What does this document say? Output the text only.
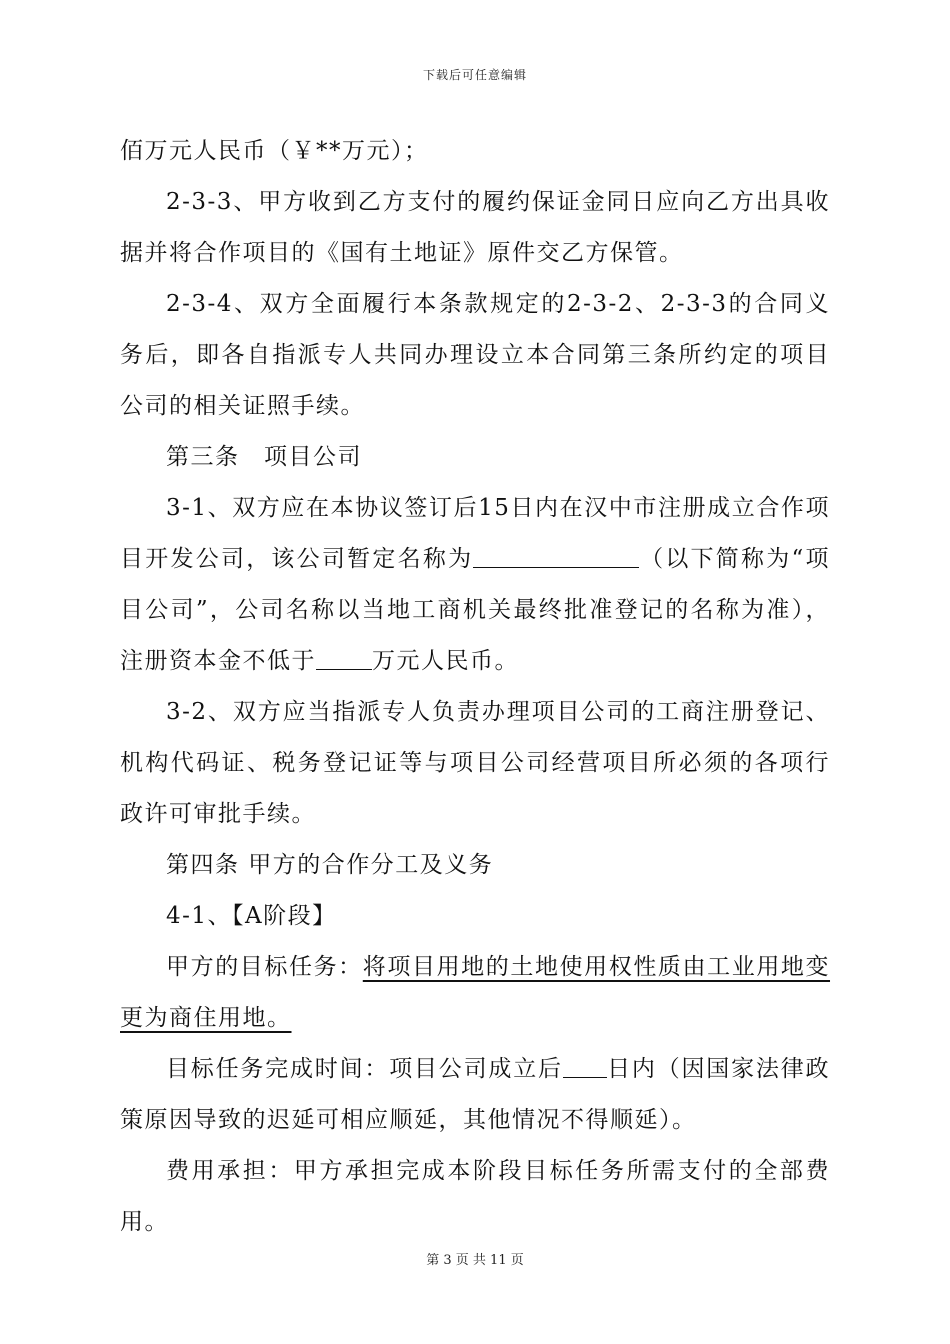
下载后可任意编辑

佰万元人民币（￥**万元）；

2-3-3、甲方收到乙方支付的履约保证金同日应向乙方出具收据并将合作项目的《国有土地证》原件交乙方保管。

2-3-4、双方全面履行本条款规定的2-3-2、2-3-3的合同义务后，即各自指派专人共同办理设立本合同第三条所约定的项目公司的相关证照手续。

第三条　项目公司

3-1、双方应在本协议签订后15日内在汉中市注册成立合作项目开发公司，该公司暂定名称为	（以下简称为“项目公司”，公司名称以当地工商机关最终批准登记的名称为准），注册资本金不低于 万元人民币。

3-2、双方应当指派专人负责办理项目公司的工商注册登记、机构代码证、税务登记证等与项目公司经营项目所必须的各项行政许可审批手续。

第四条 甲方的合作分工及义务

4-1、【A阶段】

甲方的目标任务：将项目用地的土地使用权性质由工业用地变更为商住用地。

目标任务完成时间：项目公司成立后 日内（因国家法律政策原因导致的迟延可相应顺延，其他情况不得顺延）。

费用承担：甲方承担完成本阶段目标任务所需支付的全部费用。

第 3 页 共 11 页
